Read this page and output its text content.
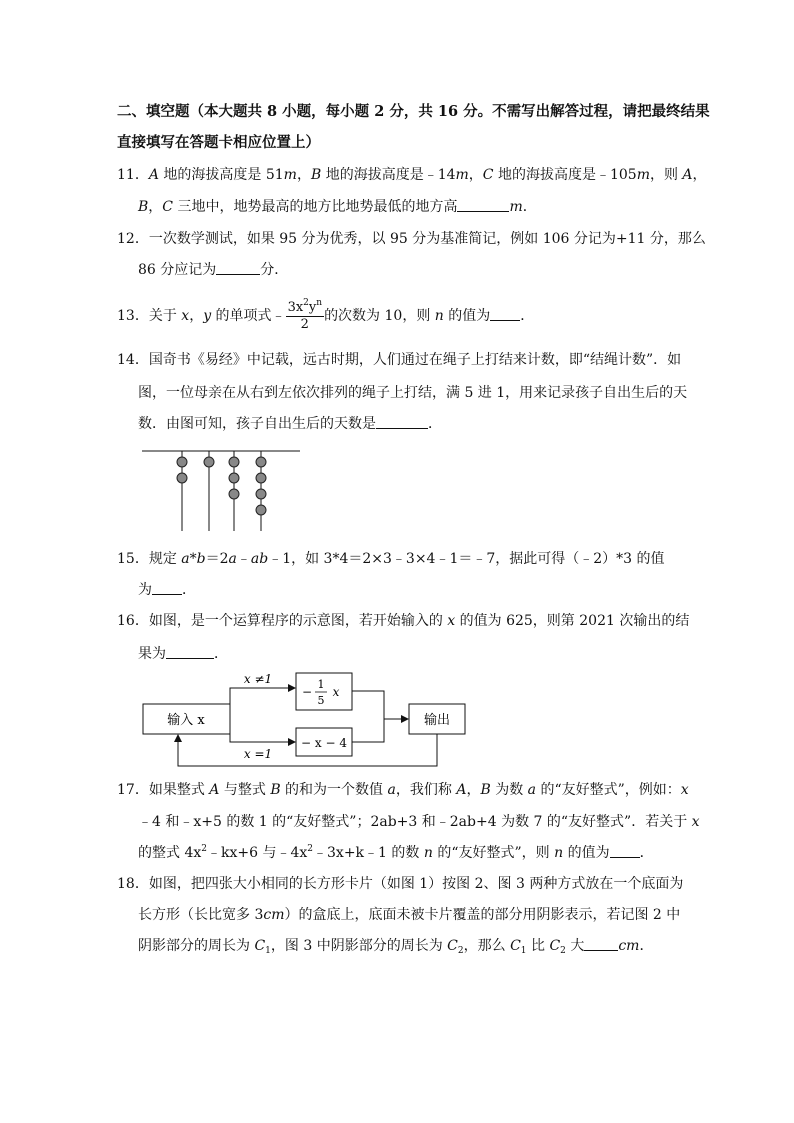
二、填空题（本大题共 8 小题，每小题 2 分，共 16 分。不需写出解答过程，请把最终结果
直接填写在答题卡相应位置上）
11．A 地的海拔高度是 51m，B 地的海拔高度是﹣14m，C 地的海拔高度是﹣105m，则 A，
B，C 三地中，地势最高的地方比地势最低的地方高	m．
12．一次数学测试，如果 95 分为优秀，以 95 分为基准简记，例如 106 分记为+11 分，那么
86 分应记为	分．
13．关于 x，y 的单项式﹣ $\frac{3x^2y^n}{2}$ 的次数为 10，则 n 的值为 ．
14．国奇书《易经》中记载，远古时期，人们通过在绳子上打结来计数，即“结绳计数”．如
图，一位母亲在从右到左依次排列的绳子上打结，满 5 进 1，用来记录孩子自出生后的天
数．由图可知，孩子自出生后的天数是	．
15．规定 a*b＝2a﹣ab﹣1，如 3*4＝2×3﹣3×4﹣1＝﹣7，据此可得（﹣2）*3 的值
为 ．
16．如图，是一个运算程序的示意图，若开始输入的 x 的值为 625，则第 2021 次输出的结
果为	．
输入 x
x ≠1
x =1
−
1
5
x
− x − 4
输出
17．如果整式 A 与整式 B 的和为一个数值 a，我们称 A，B 为数 a 的“友好整式”，例如：x
﹣4 和﹣x+5 的数 1 的“友好整式”；2ab+3 和﹣2ab+4 为数 7 的“友好整式”．若关于 x
的整式 $4x^2﹣kx+6$ 与$﹣4x^2﹣3x+k﹣1$ 的数 n 的“友好整式”，则 n 的值为 ．
18．如图，把四张大小相同的长方形卡片（如图 1）按图 2、图 3 两种方式放在一个底面为
长方形（长比宽多 3cm）的盒底上，底面未被卡片覆盖的部分用阴影表示，若记图 2 中
阴影部分的周长为 $C_1$，图 3 中阴影部分的周长为 $C_2$，那么 $C_1$ 比 $C_2$ 大 cm．
